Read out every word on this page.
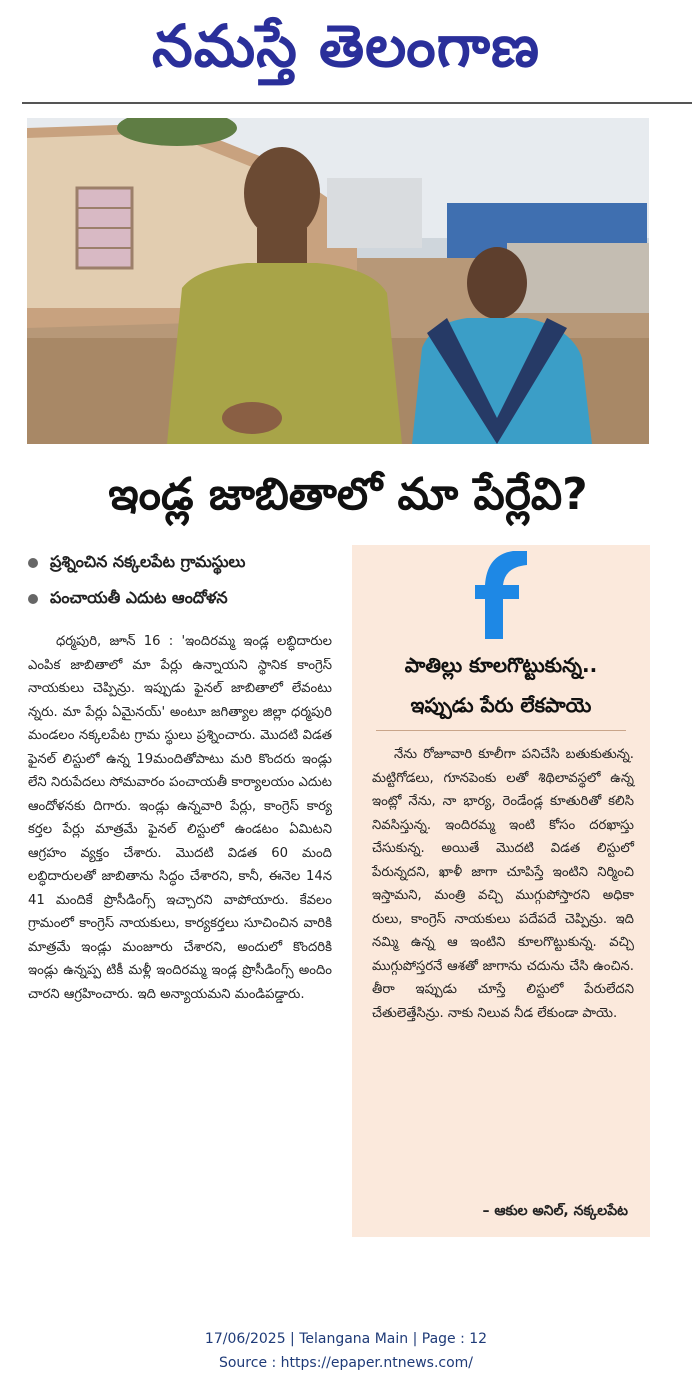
నమస్తే తెలంగాణ
ఇండ్ల జాబితాలో మా పేర్లేవి?
ప్రశ్నించిన నక్కలపేట గ్రామస్థులు
పంచాయతీ ఎదుట ఆందోళన

ధర్మపురి, జూన్ 16 : 'ఇందిరమ్మ ఇండ్ల లబ్ధిదారుల ఎంపిక జాబితాలో మా పేర్లు ఉన్నాయని స్థానిక కాంగ్రెస్ నాయకులు చెప్పిన్రు. ఇప్పుడు ఫైనల్ జాబితాలో లేవంటు న్నరు. మా పేర్లు ఏమైనయ్' అంటూ జగిత్యాల జిల్లా ధర్మపురి మండలం నక్కలపేట గ్రామ స్థులు ప్రశ్నించారు. మొదటి విడత ఫైనల్ లిస్టులో ఉన్న 19మందితోపాటు మరి కొందరు ఇండ్లు లేని నిరుపేదలు సోమవారం పంచాయతీ కార్యాలయం ఎదుట ఆందోళనకు దిగారు. ఇండ్లు ఉన్నవారి పేర్లు, కాంగ్రెస్ కార్య కర్తల పేర్లు మాత్రమే ఫైనల్ లిస్టులో ఉండటం ఏమిటని ఆగ్రహం వ్యక్తం చేశారు. మొదటి విడత 60 మంది లబ్ధిదారులతో జాబితాను సిద్ధం చేశారని, కానీ, ఈనెల 14న 41 మందికే ప్రొసీడింగ్స్ ఇచ్చారని వాపోయారు. కేవలం గ్రామంలో కాంగ్రెస్ నాయకులు, కార్యకర్తలు సూచించిన వారికి మాత్రమే ఇండ్లు మంజూరు చేశారని, అందులో కొందరికి ఇండ్లు ఉన్నప్ప టికీ మళ్లీ ఇందిరమ్మ ఇండ్ల ప్రొసీడింగ్స్ అందిం చారని ఆగ్రహించారు. ఇది అన్యాయమని మండిపడ్డారు.

పాతిల్లు కూలగొట్టుకున్న..
ఇప్పుడు పేరు లేకపాయె

నేను రోజూవారి కూలీగా పనిచేసి బతుకుతున్న. మట్టిగోడలు, గూనపెంకు లతో శిథిలావస్థలో ఉన్న ఇంట్లో నేను, నా భార్య, రెండేండ్ల కూతురితో కలిసి నివసిస్తున్న. ఇందిరమ్మ ఇంటి కోసం దరఖాస్తు చేసుకున్న. అయితే మొదటి విడత లిస్టులో పేరున్నదని, ఖాళీ జాగా చూపిస్తే ఇంటిని నిర్మించి ఇస్తామని, మంత్రి వచ్చి ముగ్గుపోస్తారని అధికా రులు, కాంగ్రెస్ నాయకులు పదేపదే చెప్పిన్రు. ఇది నమ్మి ఉన్న ఆ ఇంటిని కూలగొట్టుకున్న. వచ్చి ముగ్గుపోస్తరనే ఆశతో జాగాను చదును చేసి ఉంచిన. తీరా ఇప్పుడు చూస్తే లిస్టులో పేరులేదని చేతులెత్తేసిన్రు. నాకు నిలువ నీడ లేకుండా పాయె.

– ఆకుల అనిల్, నక్కలపేట
17/06/2025 | Telangana Main | Page : 12
Source : https://epaper.ntnews.com/
